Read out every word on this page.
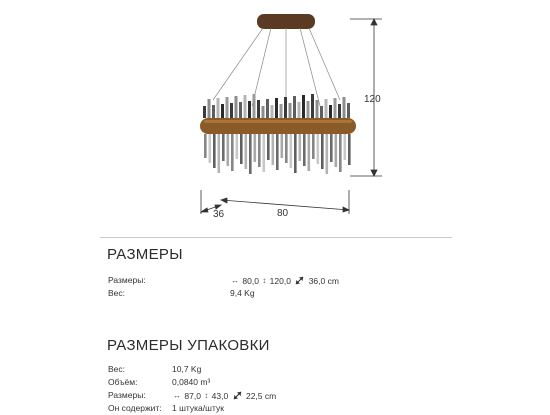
120
36	80
РАЗМЕРЫ
Размеры:	↔ 80,0 ↕ 120,0 36,0 cm
Вес:	9,4 Kg
РАЗМЕРЫ УПАКОВКИ
Вес:	10,7 Kg
Объём:	0,0840 m³
Размеры:	↔ 87,0 ↕ 43,0 22,5 cm
Он содержит: 1 штука/штук
